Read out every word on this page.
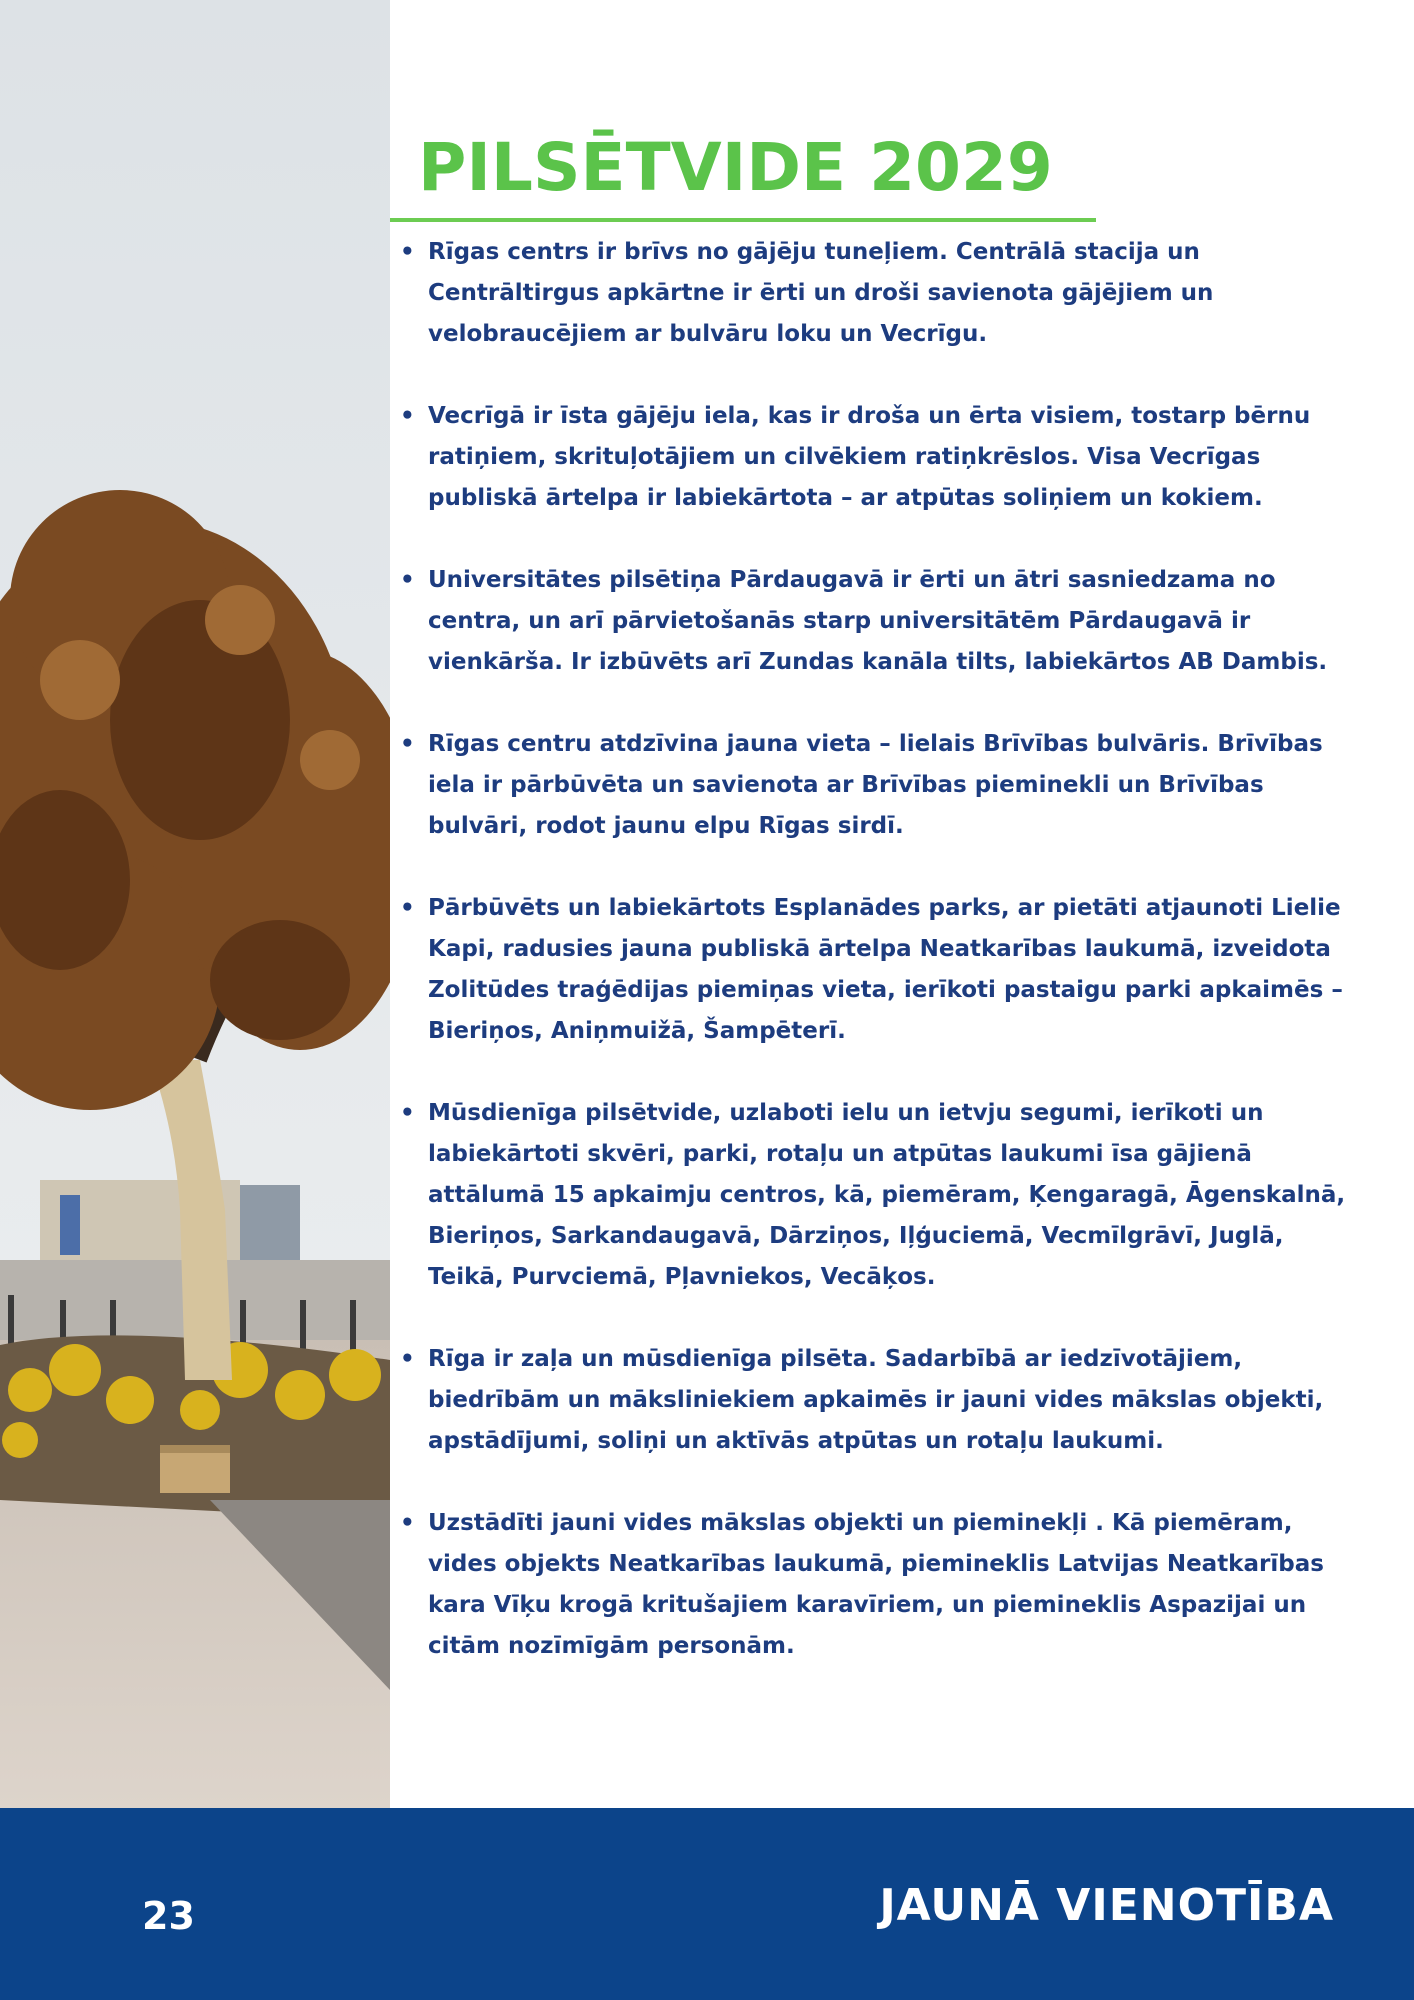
PILSĒTVIDE 2029
• Rīgas centrs ir brīvs no gājēju tuneļiem. Centrālā stacija un Centrāltirgus apkārtne ir ērti un droši savienota gājējiem un velobraucējiem ar bulvāru loku un Vecrīgu.
• Vecrīgā ir īsta gājēju iela, kas ir droša un ērta visiem, tostarp bērnu ratiņiem, skrituļotājiem un cilvēkiem ratiņkrēslos. Visa Vecrīgas publiskā ārtelpa ir labiekārtota – ar atpūtas soliņiem un kokiem.
• Universitātes pilsētiņa Pārdaugavā ir ērti un ātri sasniedzama no centra, un arī pārvietošanās starp universitātēm Pārdaugavā ir vienkārša. Ir izbūvēts arī Zundas kanāla tilts, labiekārtos AB Dambis.
• Rīgas centru atdzīvina jauna vieta – lielais Brīvības bulvāris. Brīvības iela ir pārbūvēta un savienota ar Brīvības pieminekli un Brīvības bulvāri, rodot jaunu elpu Rīgas sirdī.
• Pārbūvēts un labiekārtots Esplanādes parks, ar pietāti atjaunoti Lielie Kapi, radusies jauna publiskā ārtelpa Neatkarības laukumā, izveidota Zolitūdes traģēdijas piemiņas vieta, ierīkoti pastaigu parki apkaimēs – Bieriņos, Aniņmuižā, Šampēterī.
• Mūsdienīga pilsētvide, uzlaboti ielu un ietvju segumi, ierīkoti un labiekārtoti skvēri, parki, rotaļu un atpūtas laukumi īsa gājienā attālumā 15 apkaimju centros, kā, piemēram, Ķengaragā, Āgenskalnā, Bieriņos, Sarkandaugavā, Dārziņos, Iļģuciemā, Vecmīlgrāvī, Juglā, Teikā, Purvciemā, Pļavniekos, Vecāķos.
• Rīga ir zaļa un mūsdienīga pilsēta. Sadarbībā ar iedzīvotājiem, biedrībām un māksliniekiem apkaimēs ir jauni vides mākslas objekti, apstādījumi, soliņi un aktīvās atpūtas un rotaļu laukumi.
• Uzstādīti jauni vides mākslas objekti un pieminekļi . Kā piemēram, vides objekts Neatkarības laukumā, piemineklis Latvijas Neatkarības kara Vīķu krogā kritušajiem karavīriem, un piemineklis Aspazijai un citām nozīmīgām personām.
23	JAUNĀ VIENOTĪBA
